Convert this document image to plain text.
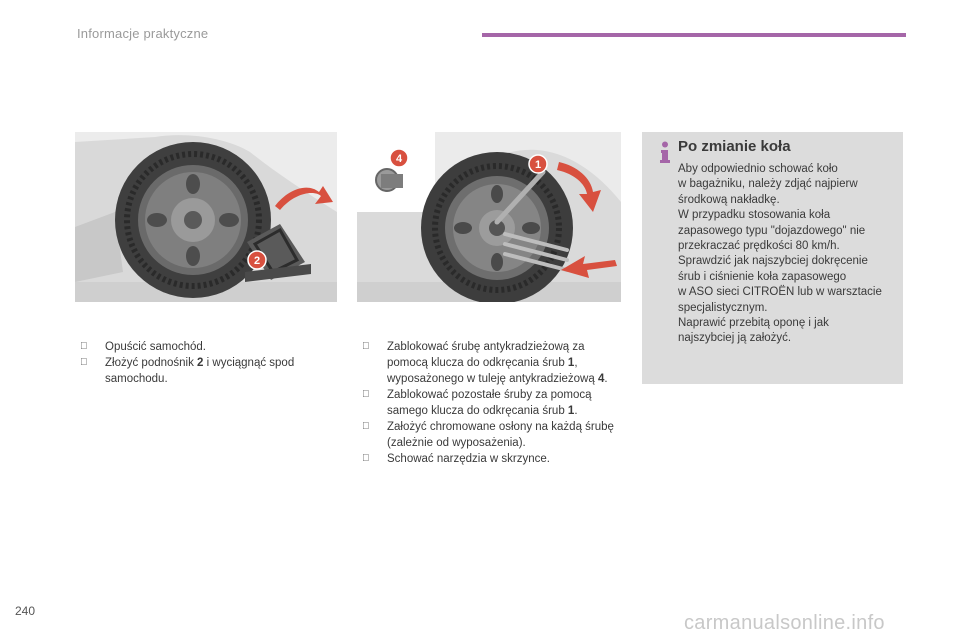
Informacje praktyczne
2
4	1
Opuścić samochód.
Złożyć podnośnik 2 i wyciągnąć spod samochodu.
Zablokować śrubę antykradzieżową za pomocą klucza do odkręcania śrub 1, wyposażonego w tuleję antykradzieżową 4.
Zablokować pozostałe śruby za pomocą samego klucza do odkręcania śrub 1.
Założyć chromowane osłony na każdą śrubę (zależnie od wyposażenia).
Schować narzędzia w skrzynce.
Po zmianie koła

Aby odpowiednio schować koło
w bagażniku, należy zdjąć najpierw
środkową nakładkę.
W przypadku stosowania koła
zapasowego typu "dojazdowego" nie
przekraczać prędkości 80 km/h.
Sprawdzić jak najszybciej dokręcenie
śrub i ciśnienie koła zapasowego
w ASO sieci CITROËN lub w warsztacie
specjalistycznym.
Naprawić przebitą oponę i jak
najszybciej ją założyć.

240
carmanualsonline.info
